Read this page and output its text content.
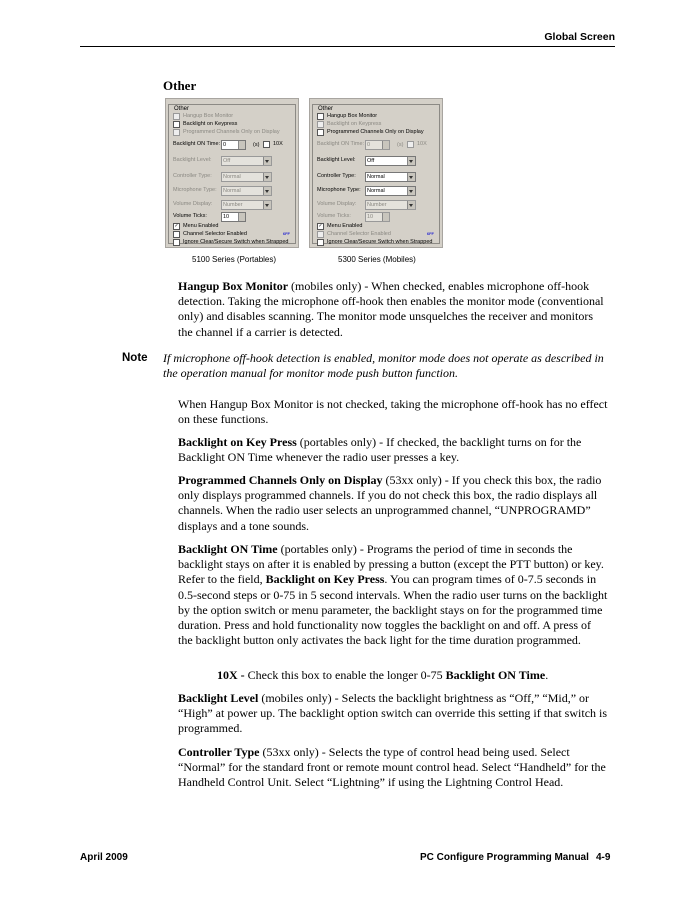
Global Screen
Other
Other
Hangup Box Monitor
Backlight on Keypress
Programmed Channels Only on Display
Backlight ON Time: 0	(s) 10X
Backlight Level:	Off
Controller Type:	Normal
Microphone Type:	Normal
Volume Display:	Number
Volume Ticks:	10
✓ Menu Enabled
Channel Selector Enabled
Ignore Clear/Secure Switch when Strapped
6FF
Other
Hangup Box Monitor
Backlight on Keypress
Programmed Channels Only on Display
Backlight ON Time: 0	(s) 10X
Backlight Level:	Off
Controller Type:	Normal
Microphone Type:	Normal
Volume Display:	Number
Volume Ticks:	10
✓ Menu Enabled
Channel Selector Enabled
Ignore Clear/Secure Switch when Strapped
6FF
5100 Series (Portables)	5300 Series (Mobiles)

Hangup Box Monitor (mobiles only) - When checked, enables microphone off-hook detection. Taking the microphone off-hook then enables the monitor mode (conventional only) and disables scanning. The monitor mode unsquelches the receiver and monitors the channel if a carrier is detected.

Note If microphone off-hook detection is enabled, monitor mode does not operate as described in the operation manual for monitor mode push button function.

When Hangup Box Monitor is not checked, taking the microphone off-hook has no effect on these functions.

Backlight on Key Press (portables only) - If checked, the backlight turns on for the Backlight ON Time whenever the radio user presses a key.

Programmed Channels Only on Display (53xx only) - If you check this box, the radio only displays programmed channels. If you do not check this box, the radio displays all channels. When the radio user selects an unprogrammed channel, “UNPROGRAMD” displays and a tone sounds.

Backlight ON Time (portables only) - Programs the period of time in seconds the backlight stays on after it is enabled by pressing a button (except the PTT button) or key. Refer to the field, Backlight on Key Press. You can program times of 0-7.5 seconds in 0.5-second steps or 0-75 in 5 second intervals. When the radio user turns on the backlight by the option switch or menu parameter, the backlight stays on for the programmed time duration. Press and hold functionality now toggles the backlight on and off. A press of the backlight button only activates the back light for the time duration programmed.

10X - Check this box to enable the longer 0-75 Backlight ON Time.

Backlight Level (mobiles only) - Selects the backlight brightness as “Off,” “Mid,” or “High” at power up. The backlight option switch can override this setting if that switch is programmed.

Controller Type (53xx only) - Selects the type of control head being used. Select “Normal” for the standard front or remote mount control head. Select “Handheld” for the Handheld Control Unit. Select “Lightning” if using the Lightning Control Head.

April 2009	PC Configure Programming Manual 4-9
